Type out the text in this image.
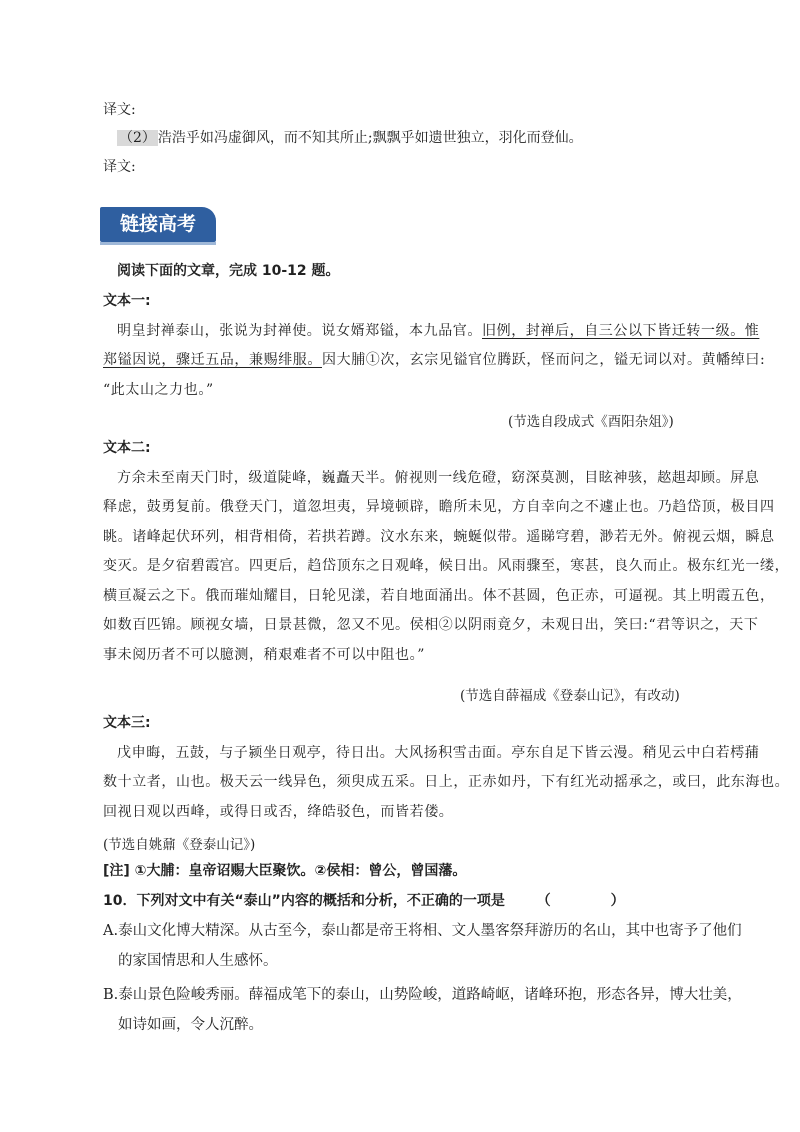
译文:
（2） 浩浩乎如冯虚御风，而不知其所止;飘飘乎如遗世独立，羽化而登仙。
译文:
链接高考
阅读下面的文章，完成 10-12 题。
文本一:
明皇封禅泰山，张说为封禅使。说女婿郑镒，本九品官。旧例，封禅后，自三公以下皆迁转一级。惟
郑镒因说，骤迁五品，兼赐绯服。因大脯①次，玄宗见镒官位腾跃，怪而问之，镒无词以对。黄幡绰曰:
“此太山之力也。”
(节选自段成式《酉阳杂俎》)
文本二:
方余未至南天门时，级道陡峰，巍矗天半。俯视则一线危磴，窈深莫测，目眩神骇，趑趄却顾。屏息
释虑，鼓勇复前。俄登天门，道忽坦夷，异境顿辟，瞻所未见，方自幸向之不遽止也。乃趋岱顶，极目四
眺。诸峰起伏环列，相背相倚，若拱若蹲。汶水东来，蜿蜒似带。遥睇穹碧，渺若无外。俯视云烟，瞬息
变灭。是夕宿碧霞宫。四更后，趋岱顶东之日观峰，候日出。风雨骤至，寒甚，良久而止。极东红光一缕，
横亘凝云之下。俄而璀灿耀目，日轮见漾，若自地面涌出。体不甚圆，色正赤，可逼视。其上明霞五色，
如数百匹锦。顾视女墙，日景甚微，忽又不见。侯相②以阴雨竟夕，未观日出，笑曰:“君等识之，天下
事未阅历者不可以臆测，稍艰难者不可以中阻也。”
(节选自薛福成《登泰山记》，有改动)
文本三:
戊申晦，五鼓，与子颍坐日观亭，待日出。大风扬积雪击面。亭东自足下皆云漫。稍见云中白若樗蒱
数十立者，山也。极天云一线异色，须臾成五采。日上，正赤如丹，下有红光动摇承之，或曰，此东海也。
回视日观以西峰，或得日或否，绛皓驳色，而皆若偻。
(节选自姚鼐《登泰山记》)
[注] ①大脯：皇帝诏赐大臣聚饮。②侯相：曾公，曾国藩。
10．下列对文中有关“泰山”内容的概括和分析，不正确的一项是 （	）
A.泰山文化博大精深。从古至今，泰山都是帝王将相、文人墨客祭拜游历的名山，其中也寄予了他们
的家国情思和人生感怀。
B.泰山景色险峻秀丽。薛福成笔下的泰山，山势险峻，道路崎岖，诸峰环抱，形态各异，博大壮美，
如诗如画，令人沉醉。
